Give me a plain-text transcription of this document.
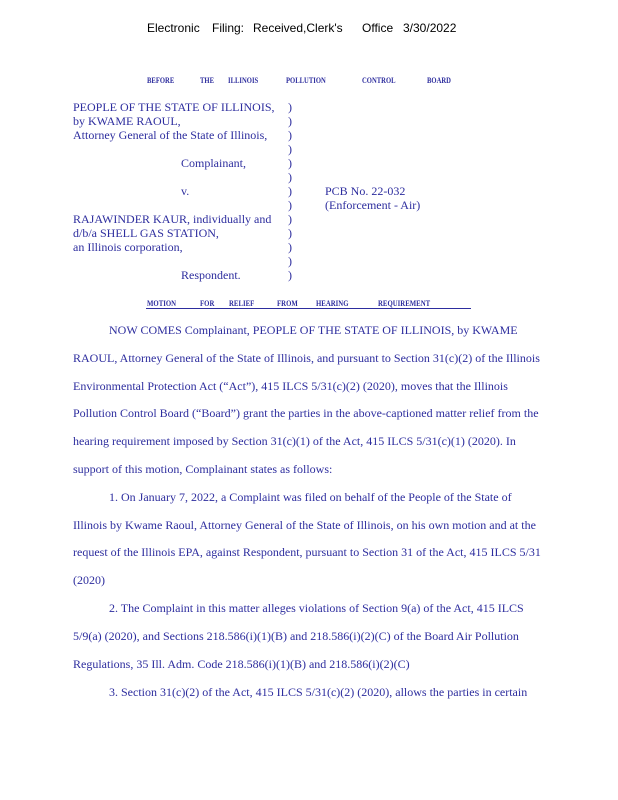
Electronic Filing: Received,Clerk's Office 3/30/2022
BEFORE	THE ILLINOIS	POLLUTION	CONTROL	BOARD
PEOPLE OF THE STATE OF ILLINOIS,
by KWAME RAOUL,
Attorney General of the State of Illinois,
Complainant,
v.	PCB No. 22-032
(Enforcement - Air)
RAJAWINDER KAUR, individually and
d/b/a SHELL GAS STATION,
an Illinois corporation,
Respondent.
)
)
)
)
)
)
)
)
)
)
)
)
)
MOTION	FOR RELIEF	FROM HEARING	REQUIREMENT
NOW COMES Complainant, PEOPLE OF THE STATE OF ILLINOIS, by KWAME
RAOUL, Attorney General of the State of Illinois, and pursuant to Section 31(c)(2) of the Illinois
Environmental Protection Act (“Act”), 415 ILCS 5/31(c)(2) (2020), moves that the Illinois
Pollution Control Board (“Board”) grant the parties in the above-captioned matter relief from the
hearing requirement imposed by Section 31(c)(1) of the Act, 415 ILCS 5/31(c)(1) (2020). In
support of this motion, Complainant states as follows:
1. On January 7, 2022, a Complaint was filed on behalf of the People of the State of
Illinois by Kwame Raoul, Attorney General of the State of Illinois, on his own motion and at the
request of the Illinois EPA, against Respondent, pursuant to Section 31 of the Act, 415 ILCS 5/31
(2020)
2. The Complaint in this matter alleges violations of Section 9(a) of the Act, 415 ILCS
5/9(a) (2020), and Sections 218.586(i)(1)(B) and 218.586(i)(2)(C) of the Board Air Pollution
Regulations, 35 Ill. Adm. Code 218.586(i)(1)(B) and 218.586(i)(2)(C)
3. Section 31(c)(2) of the Act, 415 ILCS 5/31(c)(2) (2020), allows the parties in certain
